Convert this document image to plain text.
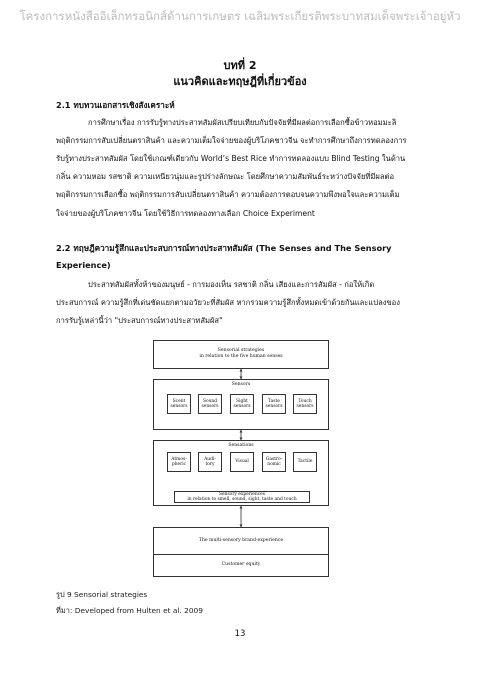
โครงการหนังสืออิเล็กทรอนิกส์ด้านการเกษตร เฉลิมพระเกียรติพระบาทสมเด็จพระเจ้าอยู่หัว
บทที่ 2
แนวคิดและทฤษฎีที่เกี่ยวข้อง
2.1 ทบทวนเอกสารเชิงสังเคราะห์
การศึกษาเรื่อง การรับรู้ทางประสาทสัมผัสเปรียบเทียบกับปัจจัยที่มีผลต่อการเลือกซื้อข้าวหอมมะลิ
พฤติกรรมการสับเปลี่ยนตราสินค้า และความเต็มใจจ่ายของผู้บริโภคชาวจีน จะทำการศึกษาถึงการทดลองการ
รับรู้ทางประสาทสัมผัส โดยใช้เกณฑ์เดียวกับ World’s Best Rice ทำการทดลองแบบ Blind Testing ในด้าน
กลิ่น ความหอม รสชาติ ความเหนียวนุ่มและรูปร่างลักษณะ โดยศึกษาความสัมพันธ์ระหว่างปัจจัยที่มีผลต่อ
พฤติกรรมการเลือกซื้อ พฤติกรรมการสับเปลี่ยนตราสินค้า ความต้องการตอบจนความพึงพอใจและความเต็ม
ใจจ่ายของผู้บริโภคชาวจีน โดยใช้วิธีการทดลองทางเลือก Choice Experiment
2.2 ทฤษฎีความรู้สึกและประสบการณ์ทางประสาทสัมผัส (The Senses and The Sensory
Experience)
ประสาทสัมผัสทั้งห้าของมนุษย์ - การมองเห็น รสชาติ กลิ่น เสียงและการสัมผัส - ก่อให้เกิด
ประสบการณ์ ความรู้สึกที่เด่นชัดแยกตามอวัยวะที่สัมผัส หากรวมความรู้สึกทั้งหมดเข้าด้วยกันและแปลงของ
การรับรู้เหล่านี้ว่า "ประสบการณ์ทางประสาทสัมผัส"
Sensorial strategies
in relation to the five human senses
Sensors
Scent
sensors
Sound
sensors
Sight
sensors
Taste
sensors
Touch
sensors
Sensations
Atmos-
pheric
Audi-
tory
Visual
Gastro-
nomic
Tactile
Sensory experiences
in relation to smell, sound, sight, taste and touch
The multi-sensory brand-experience
Customer equity
รูป 9 Sensorial strategies
ที่มา: Developed from Hulten et al. 2009
13
